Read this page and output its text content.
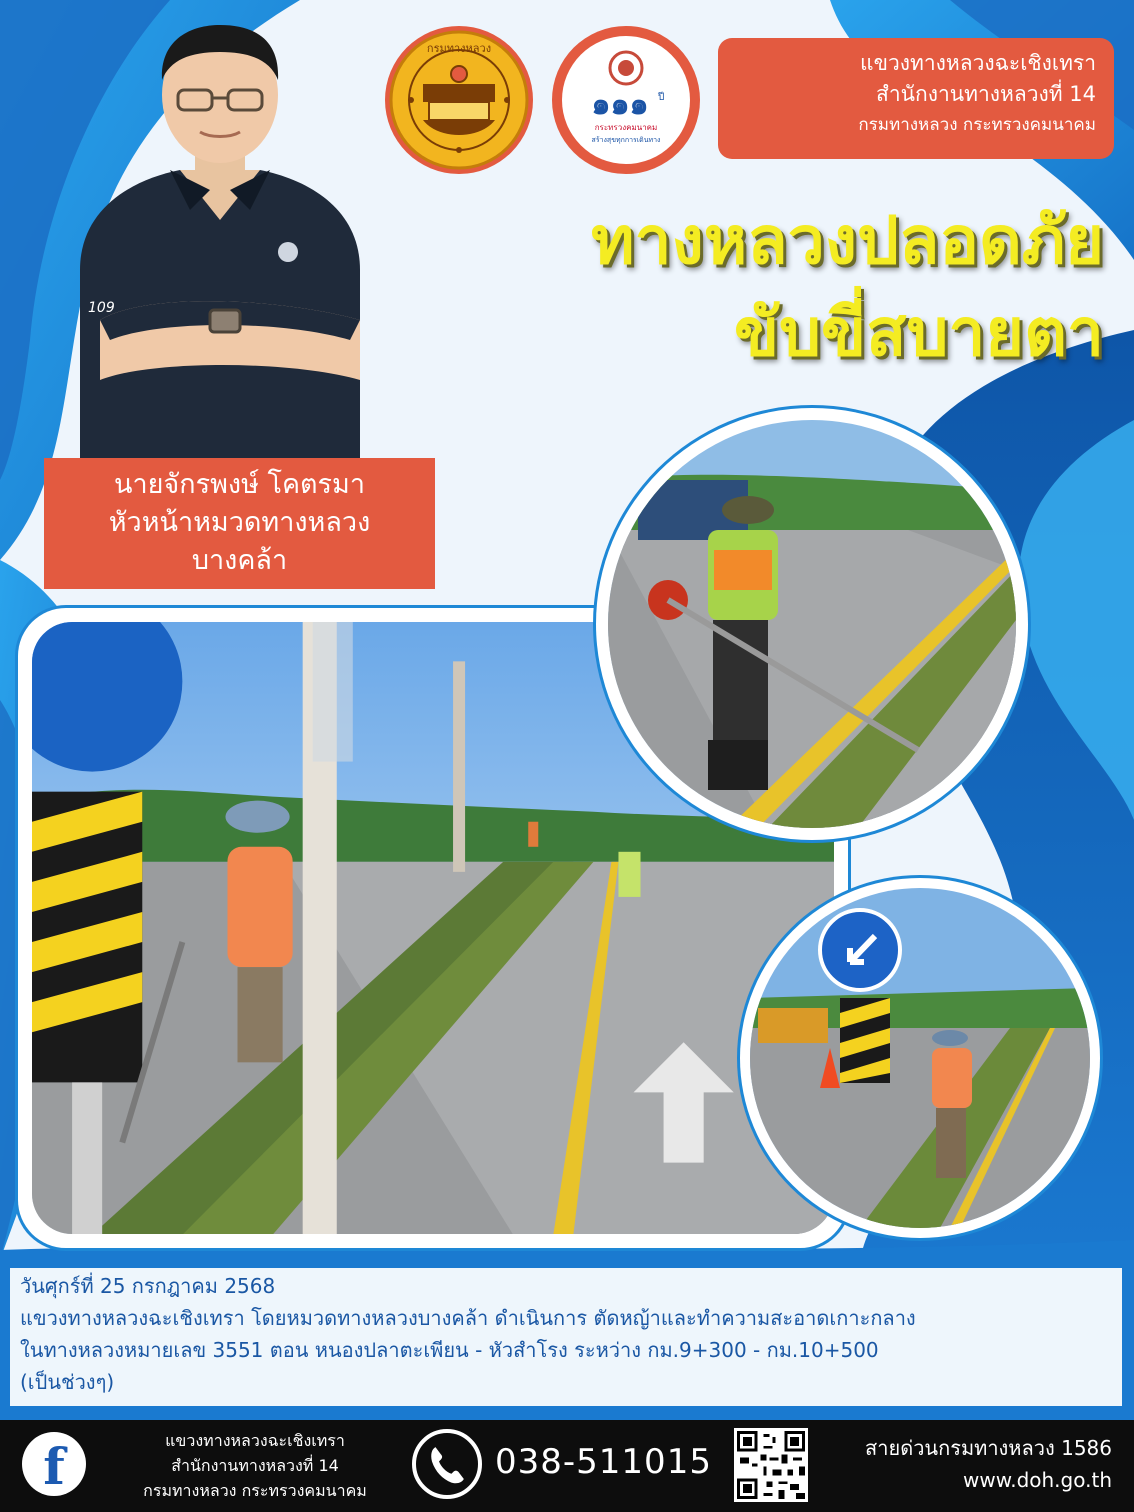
กรมทางหลวง
๑๑๑ ปี
กระทรวงคมนาคม
สร้างสุขทุกการเดินทาง
แขวงทางหลวงฉะเชิงเทรา
สำนักงานทางหลวงที่ 14
กรมทางหลวง กระทรวงคมนาคม
ทางหลวงปลอดภัย
ขับขี่สบายตา
109
นายจักรพงษ์ โคตรมา
หัวหน้าหมวดทางหลวง
บางคล้า
วันศุกร์ที่ 25 กรกฎาคม 2568
แขวงทางหลวงฉะเชิงเทรา โดยหมวดทางหลวงบางคล้า ดำเนินการ ตัดหญ้าและทำความสะอาดเกาะกลาง
ในทางหลวงหมายเลข 3551 ตอน หนองปลาตะเพียน - หัวสำโรง ระหว่าง กม.9+300 - กม.10+500
(เป็นช่วงๆ)
f	แขวงทางหลวงฉะเชิงเทรา
สำนักงานทางหลวงที่ 14
กรมทางหลวง กระทรวงคมนาคม
038-511015	สายด่วนกรมทางหลวง 1586
www.doh.go.th
